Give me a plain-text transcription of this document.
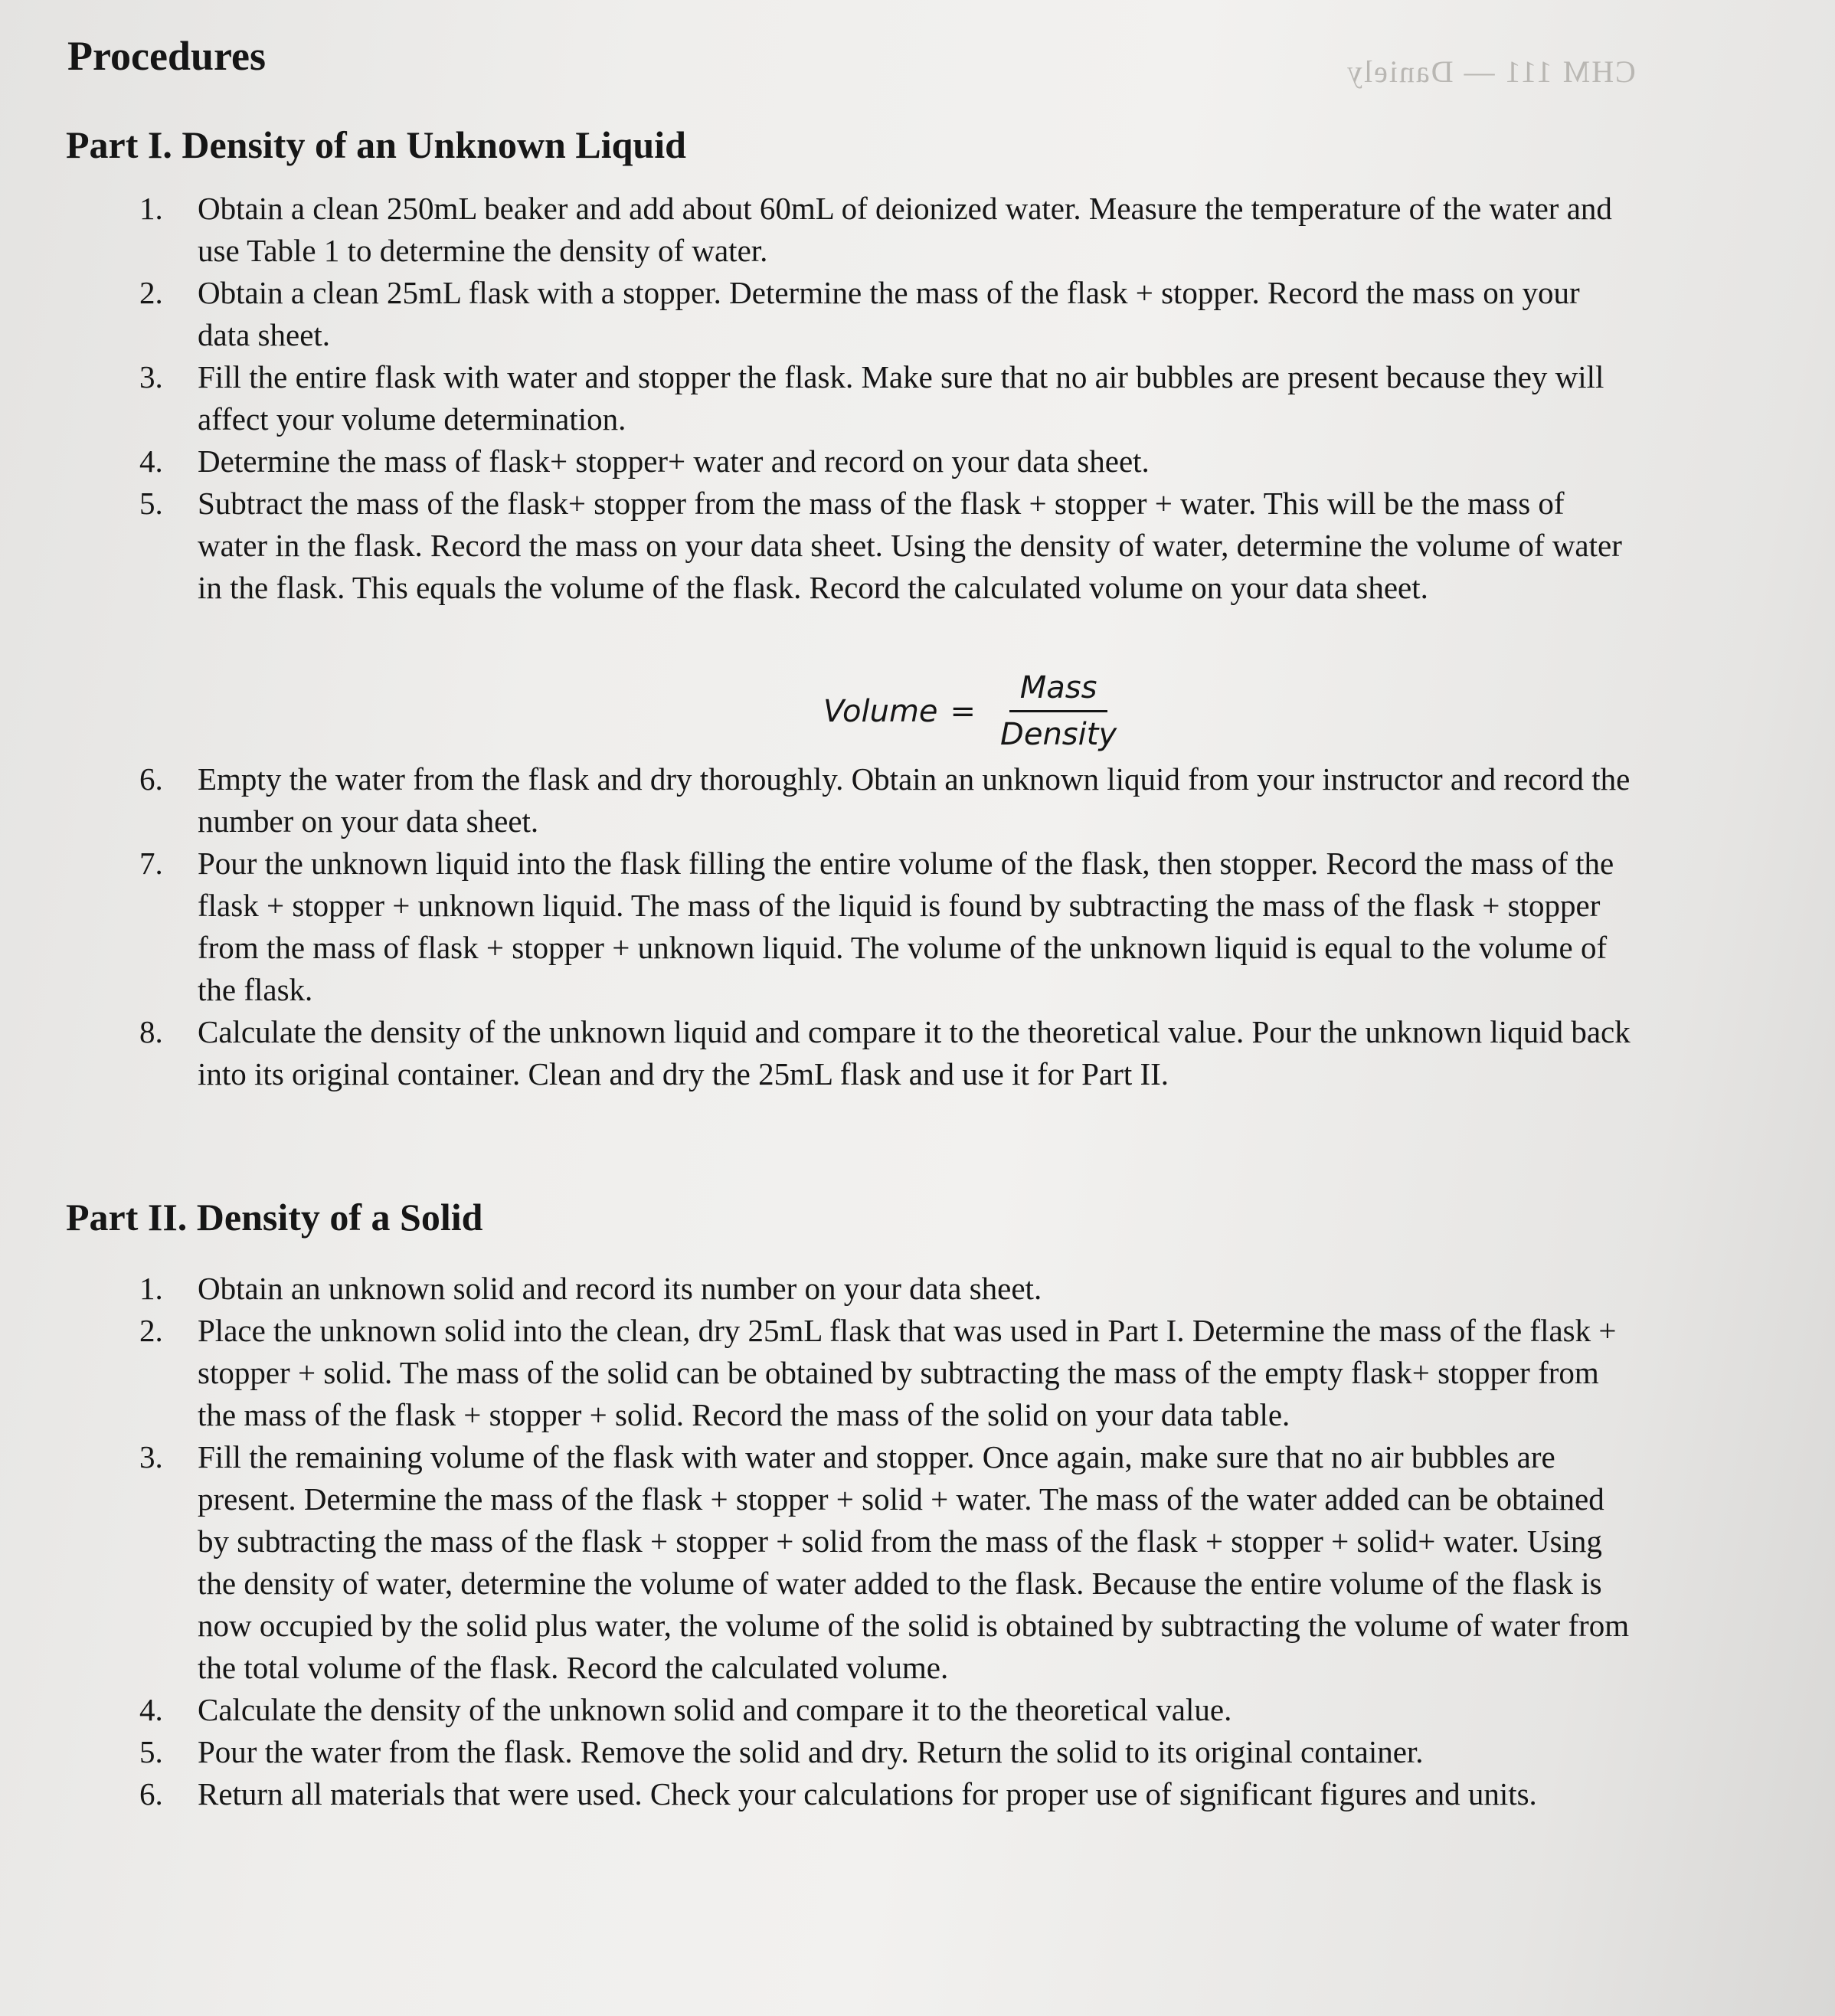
CHM 111 — Daniely
Procedures
Part I. Density of an Unknown Liquid
1. Obtain a clean 250mL beaker and add about 60mL of deionized water. Measure the temperature of the water and use Table 1 to determine the density of water.
2. Obtain a clean 25mL flask with a stopper. Determine the mass of the flask + stopper. Record the mass on your data sheet.
3. Fill the entire flask with water and stopper the flask. Make sure that no air bubbles are present because they will affect your volume determination.
4. Determine the mass of flask+ stopper+ water and record on your data sheet.
5. Subtract the mass of the flask+ stopper from the mass of the flask + stopper + water. This will be the mass of water in the flask. Record the mass on your data sheet. Using the density of water, determine the volume of water in the flask. This equals the volume of the flask. Record the calculated volume on your data sheet.
Volume = $\frac{\text{Mass}}{\text{Density}}$
6. Empty the water from the flask and dry thoroughly. Obtain an unknown liquid from your instructor and record the number on your data sheet.
7. Pour the unknown liquid into the flask filling the entire volume of the flask, then stopper. Record the mass of the flask + stopper + unknown liquid. The mass of the liquid is found by subtracting the mass of the flask + stopper from the mass of flask + stopper + unknown liquid. The volume of the unknown liquid is equal to the volume of the flask.
8. Calculate the density of the unknown liquid and compare it to the theoretical value. Pour the unknown liquid back into its original container. Clean and dry the 25mL flask and use it for Part II.
Part II. Density of a Solid
1. Obtain an unknown solid and record its number on your data sheet.
2. Place the unknown solid into the clean, dry 25mL flask that was used in Part I. Determine the mass of the flask + stopper + solid. The mass of the solid can be obtained by subtracting the mass of the empty flask+ stopper from the mass of the flask + stopper + solid. Record the mass of the solid on your data table.
3. Fill the remaining volume of the flask with water and stopper. Once again, make sure that no air bubbles are present. Determine the mass of the flask + stopper + solid + water. The mass of the water added can be obtained by subtracting the mass of the flask + stopper + solid from the mass of the flask + stopper + solid+ water. Using the density of water, determine the volume of water added to the flask. Because the entire volume of the flask is now occupied by the solid plus water, the volume of the solid is obtained by subtracting the volume of water from the total volume of the flask. Record the calculated volume.
4. Calculate the density of the unknown solid and compare it to the theoretical value.
5. Pour the water from the flask. Remove the solid and dry. Return the solid to its original container.
6. Return all materials that were used. Check your calculations for proper use of significant figures and units.
